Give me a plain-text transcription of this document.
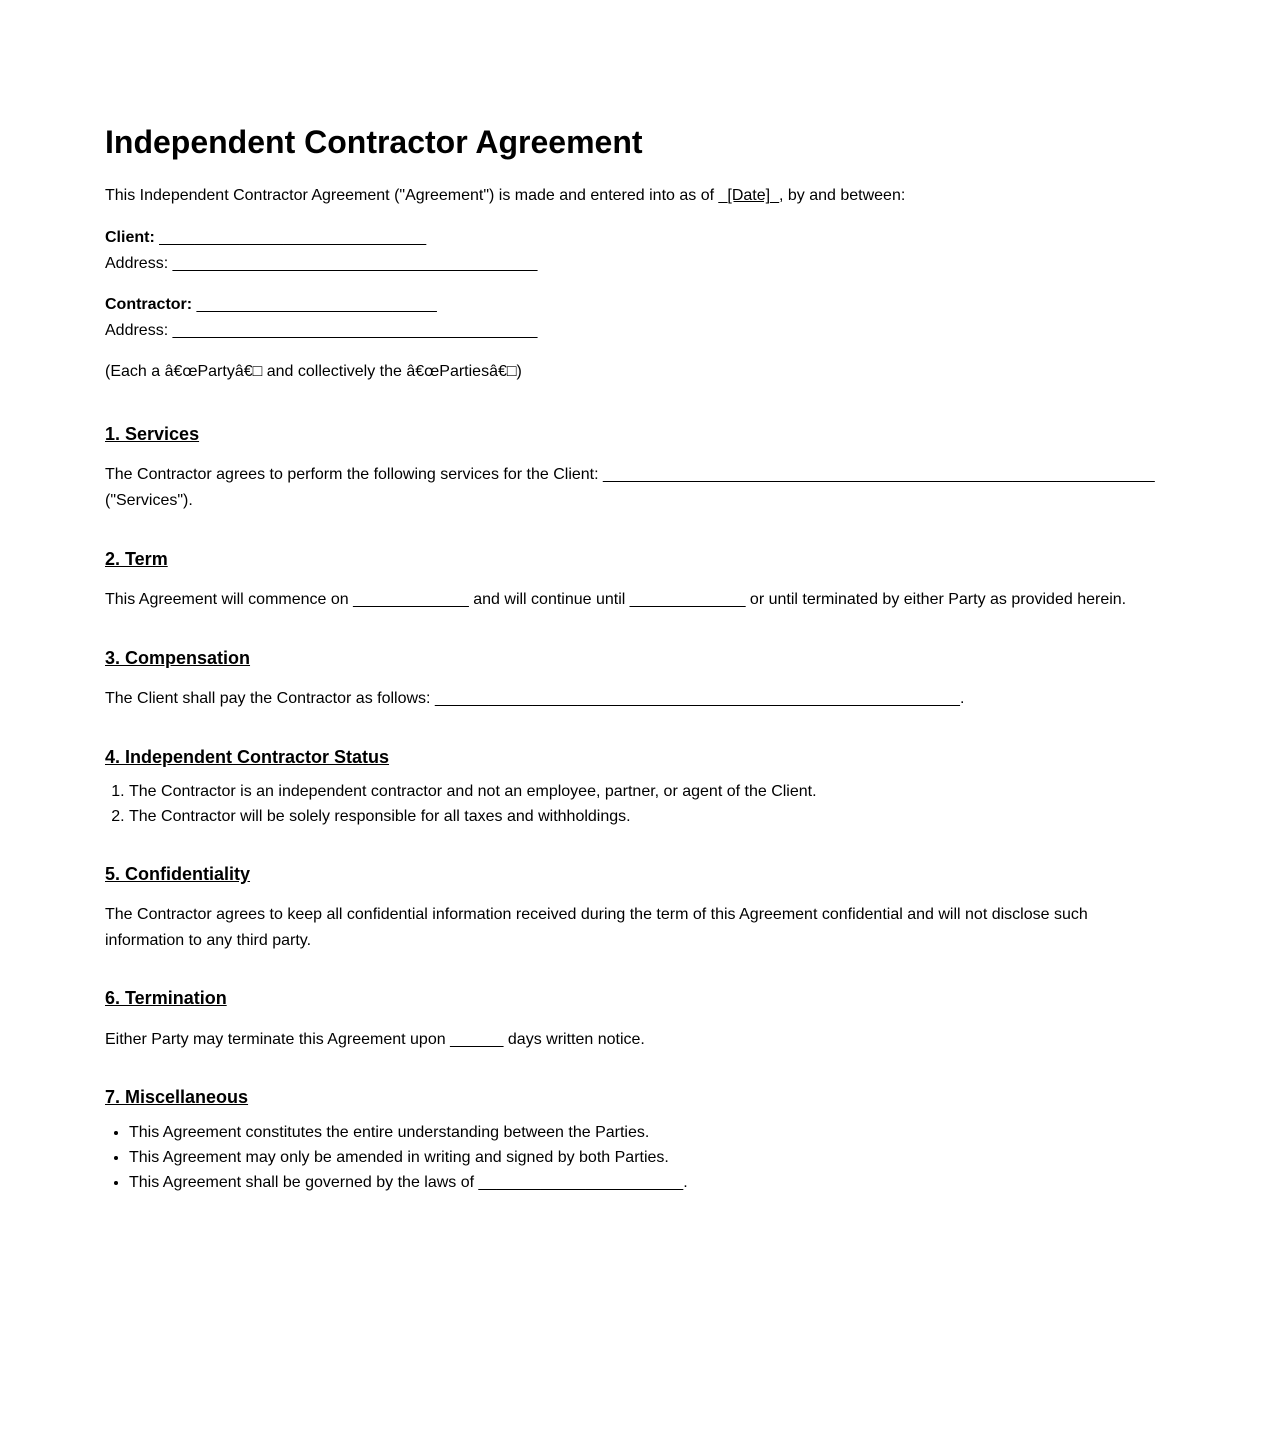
Independent Contractor Agreement

This Independent Contractor Agreement ("Agreement") is made and entered into as of _[Date]_, by and between:

Client: ______________________________
Address: _________________________________________
Contractor: ___________________________
Address: _________________________________________

(Each a â€œPartyâ€□ and collectively the â€œPartiesâ€□)

1. Services

The Contractor agrees to perform the following services for the Client: ______________________________________________________________ ("Services").

2. Term

This Agreement will commence on _____________ and will continue until _____________ or until terminated by either Party as provided herein.

3. Compensation

The Client shall pay the Contractor as follows: ___________________________________________________________.

4. Independent Contractor Status
1. The Contractor is an independent contractor and not an employee, partner, or agent of the Client.
2. The Contractor will be solely responsible for all taxes and withholdings.
5. Confidentiality

The Contractor agrees to keep all confidential information received during the term of this Agreement confidential and will not disclose such information to any third party.

6. Termination

Either Party may terminate this Agreement upon ______ days written notice.

7. Miscellaneous
• This Agreement constitutes the entire understanding between the Parties.
• This Agreement may only be amended in writing and signed by both Parties.
• This Agreement shall be governed by the laws of _______________________.
